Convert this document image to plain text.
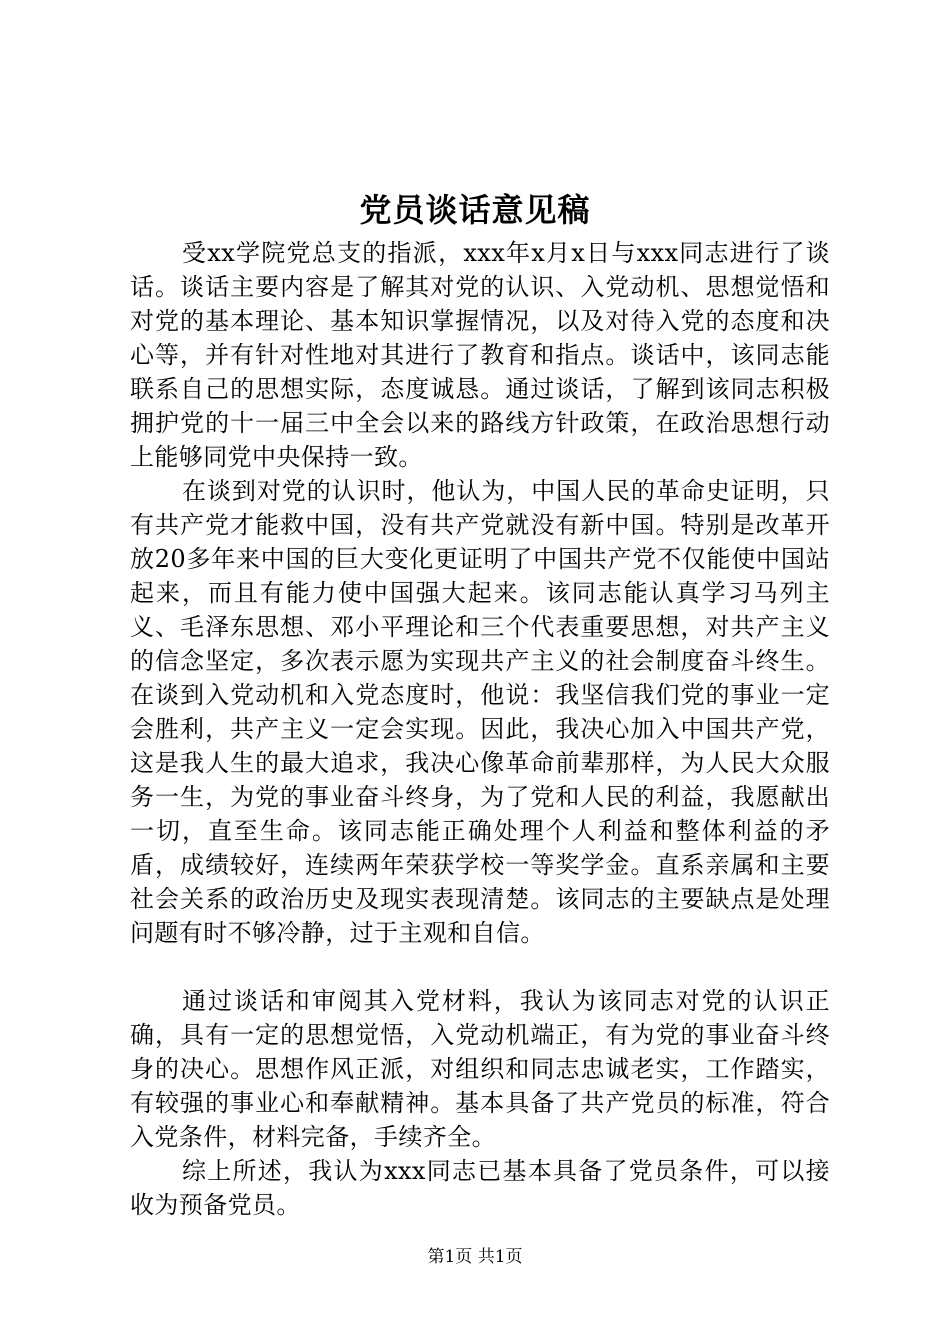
党员谈话意见稿

受xx学院党总支的指派，xxx年x月x日与xxx同志进行了谈话。谈话主要内容是了解其对党的认识、入党动机、思想觉悟和对党的基本理论、基本知识掌握情况，以及对待入党的态度和决心等，并有针对性地对其进行了教育和指点。谈话中，该同志能联系自己的思想实际，态度诚恳。通过谈话，了解到该同志积极拥护党的十一届三中全会以来的路线方针政策，在政治思想行动上能够同党中央保持一致。

在谈到对党的认识时，他认为，中国人民的革命史证明，只有共产党才能救中国，没有共产党就没有新中国。特别是改革开放20多年来中国的巨大变化更证明了中国共产党不仅能使中国站起来，而且有能力使中国强大起来。该同志能认真学习马列主义、毛泽东思想、邓小平理论和三个代表重要思想，对共产主义的信念坚定，多次表示愿为实现共产主义的社会制度奋斗终生。在谈到入党动机和入党态度时，他说：我坚信我们党的事业一定会胜利，共产主义一定会实现。因此，我决心加入中国共产党，这是我人生的最大追求，我决心像革命前辈那样，为人民大众服务一生，为党的事业奋斗终身，为了党和人民的利益，我愿献出一切，直至生命。该同志能正确处理个人利益和整体利益的矛盾，成绩较好，连续两年荣获学校一等奖学金。直系亲属和主要社会关系的政治历史及现实表现清楚。该同志的主要缺点是处理问题有时不够冷静，过于主观和自信。

通过谈话和审阅其入党材料，我认为该同志对党的认识正确，具有一定的思想觉悟，入党动机端正，有为党的事业奋斗终身的决心。思想作风正派，对组织和同志忠诚老实，工作踏实，有较强的事业心和奉献精神。基本具备了共产党员的标准，符合入党条件，材料完备，手续齐全。

综上所述，我认为xxx同志已基本具备了党员条件，可以接收为预备党员。

第1页 共1页
